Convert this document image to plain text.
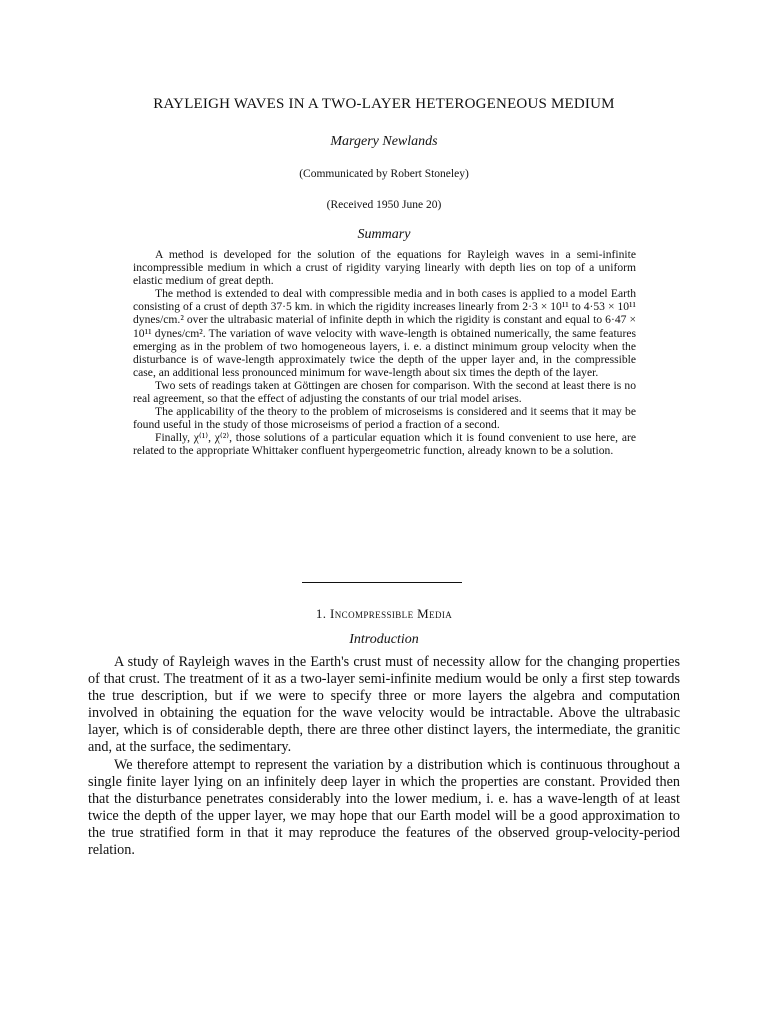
RAYLEIGH WAVES IN A TWO-LAYER HETEROGENEOUS MEDIUM
Margery Newlands
(Communicated by Robert Stoneley)
(Received 1950 June 20)
Summary

A method is developed for the solution of the equations for Rayleigh waves in a semi-infinite incompressible medium in which a crust of rigidity varying linearly with depth lies on top of a uniform elastic medium of great depth.

The method is extended to deal with compressible media and in both cases is applied to a model Earth consisting of a crust of depth 37·5 km. in which the rigidity increases linearly from 2·3 × 10¹¹ to 4·53 × 10¹¹ dynes/cm.² over the ultrabasic material of infinite depth in which the rigidity is constant and equal to 6·47 × 10¹¹ dynes/cm². The variation of wave velocity with wave-length is obtained numerically, the same features emerging as in the problem of two homogeneous layers, i. e. a distinct minimum group velocity when the disturbance is of wave-length approximately twice the depth of the upper layer and, in the compressible case, an additional less pronounced minimum for wave-length about six times the depth of the layer.

Two sets of readings taken at Göttingen are chosen for comparison. With the second at least there is no real agreement, so that the effect of adjusting the constants of our trial model arises.

The applicability of the theory to the problem of microseisms is considered and it seems that it may be found useful in the study of those microseisms of period a fraction of a second.

Finally, χ⁽¹⁾, χ⁽²⁾, those solutions of a particular equation which it is found convenient to use here, are related to the appropriate Whittaker confluent hypergeometric function, already known to be a solution.

1. Incompressible Media
Introduction

A study of Rayleigh waves in the Earth's crust must of necessity allow for the changing properties of that crust. The treatment of it as a two-layer semi-infinite medium would be only a first step towards the true description, but if we were to specify three or more layers the algebra and computation involved in obtaining the equation for the wave velocity would be intractable. Above the ultrabasic layer, which is of considerable depth, there are three other distinct layers, the intermediate, the granitic and, at the surface, the sedimentary.

We therefore attempt to represent the variation by a distribution which is continuous throughout a single finite layer lying on an infinitely deep layer in which the properties are constant. Provided then that the disturbance penetrates considerably into the lower medium, i. e. has a wave-length of at least twice the depth of the upper layer, we may hope that our Earth model will be a good approximation to the true stratified form in that it may reproduce the features of the observed group-velocity-period relation.
